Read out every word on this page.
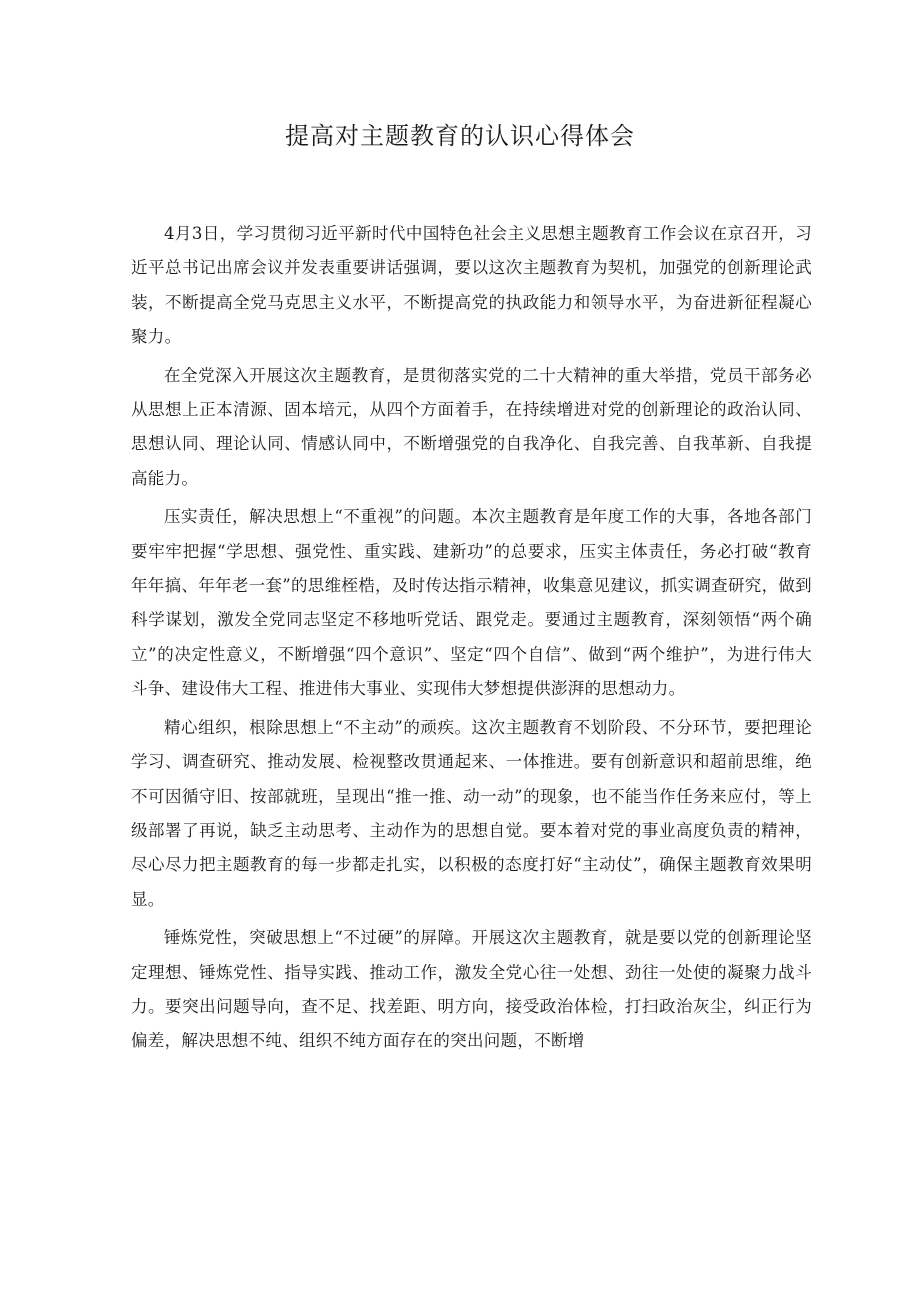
提高对主题教育的认识心得体会

4月3日，学习贯彻习近平新时代中国特色社会主义思想主题教育工作会议在京召开，习近平总书记出席会议并发表重要讲话强调，要以这次主题教育为契机，加强党的创新理论武装，不断提高全党马克思主义水平，不断提高党的执政能力和领导水平，为奋进新征程凝心聚力。

在全党深入开展这次主题教育，是贯彻落实党的二十大精神的重大举措，党员干部务必从思想上正本清源、固本培元，从四个方面着手，在持续增进对党的创新理论的政治认同、思想认同、理论认同、情感认同中，不断增强党的自我净化、自我完善、自我革新、自我提高能力。

压实责任，解决思想上“不重视”的问题。本次主题教育是年度工作的大事，各地各部门要牢牢把握“学思想、强党性、重实践、建新功”的总要求，压实主体责任，务必打破“教育年年搞、年年老一套”的思维桎梏，及时传达指示精神，收集意见建议，抓实调查研究，做到科学谋划，激发全党同志坚定不移地听党话、跟党走。要通过主题教育，深刻领悟“两个确立”的决定性意义，不断增强“四个意识”、坚定“四个自信”、做到“两个维护”，为进行伟大斗争、建设伟大工程、推进伟大事业、实现伟大梦想提供澎湃的思想动力。

精心组织，根除思想上“不主动”的顽疾。这次主题教育不划阶段、不分环节，要把理论学习、调查研究、推动发展、检视整改贯通起来、一体推进。要有创新意识和超前思维，绝不可因循守旧、按部就班，呈现出“推一推、动一动”的现象，也不能当作任务来应付，等上级部署了再说，缺乏主动思考、主动作为的思想自觉。要本着对党的事业高度负责的精神，尽心尽力把主题教育的每一步都走扎实，以积极的态度打好“主动仗”，确保主题教育效果明显。

锤炼党性，突破思想上“不过硬”的屏障。开展这次主题教育，就是要以党的创新理论坚定理想、锤炼党性、指导实践、推动工作，激发全党心往一处想、劲往一处使的凝聚力战斗力。要突出问题导向，查不足、找差距、明方向，接受政治体检，打扫政治灰尘，纠正行为偏差，解决思想不纯、组织不纯方面存在的突出问题，不断增
